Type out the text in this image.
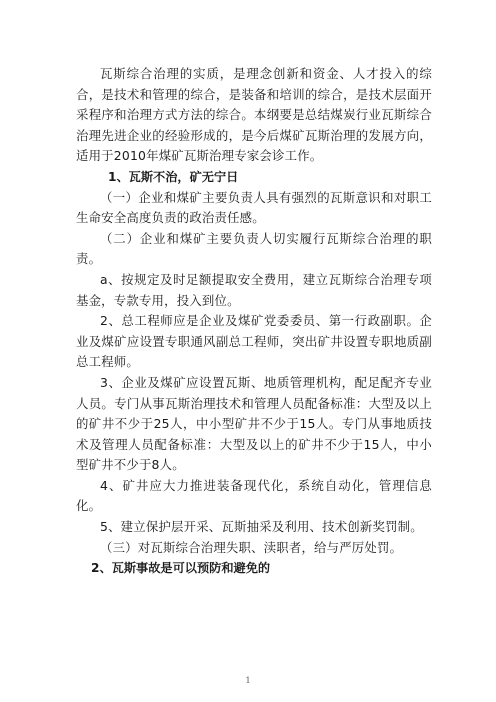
瓦斯综合治理的实质，是理念创新和资金、人才投入的综合，是技术和管理的综合，是装备和培训的综合，是技术层面开采程序和治理方式方法的综合。本纲要是总结煤炭行业瓦斯综合治理先进企业的经验形成的，是今后煤矿瓦斯治理的发展方向，适用于2010年煤矿瓦斯治理专家会诊工作。

1、瓦斯不治，矿无宁日

（一）企业和煤矿主要负责人具有强烈的瓦斯意识和对职工生命安全高度负责的政治责任感。

（二）企业和煤矿主要负责人切实履行瓦斯综合治理的职责。

a、按规定及时足额提取安全费用，建立瓦斯综合治理专项基金，专款专用，投入到位。

2、总工程师应是企业及煤矿党委委员、第一行政副职。企业及煤矿应设置专职通风副总工程师，突出矿井设置专职地质副总工程师。

3、企业及煤矿应设置瓦斯、地质管理机构，配足配齐专业人员。专门从事瓦斯治理技术和管理人员配备标准：大型及以上的矿井不少于25人，中小型矿井不少于15人。专门从事地质技术及管理人员配备标准：大型及以上的矿井不少于15人，中小型矿井不少于8人。

4、矿井应大力推进装备现代化，系统自动化，管理信息化。

5、建立保护层开采、瓦斯抽采及利用、技术创新奖罚制。

（三）对瓦斯综合治理失职、渎职者，给与严厉处罚。

2、瓦斯事故是可以预防和避免的

1
